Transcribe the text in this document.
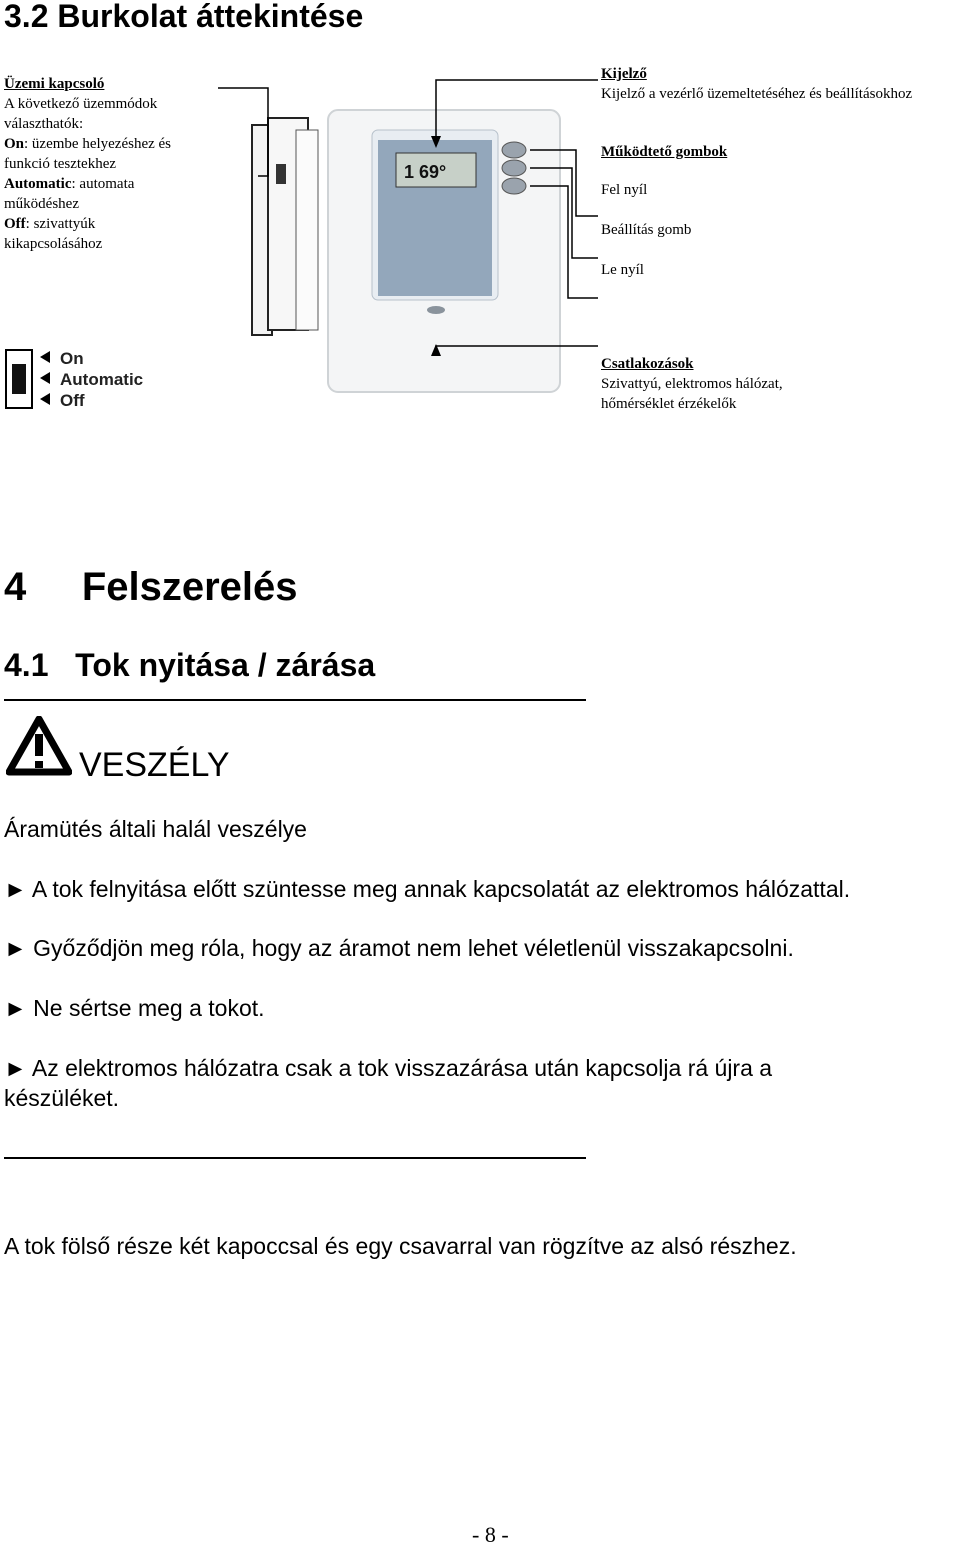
3.2 Burkolat áttekintése
Üzemi kapcsoló
A következő üzemmódok
választhatók:
On: üzembe helyezéshez és
funkció tesztekhez
Automatic: automata
működéshez
Off: szivattyúk
kikapcsolásához
1 69°
On
Automatic
Off
Kijelző
Kijelző a vezérlő üzemeltetéséhez és beállításokhoz
Működtető gombok
Fel nyíl
Beállítás gomb
Le nyíl
Csatlakozások
Szivattyú, elektromos hálózat,
hőmérséklet érzékelők
4     Felszerelés
4.1   Tok nyitása / zárása
VESZÉLY
Áramütés általi halál veszélye
► A tok felnyitása előtt szüntesse meg annak kapcsolatát az elektromos hálózattal.
► Győződjön meg róla, hogy az áramot nem lehet véletlenül visszakapcsolni.
► Ne sértse meg a tokot.
► Az elektromos hálózatra csak a tok visszazárása után kapcsolja rá újra a
készüléket.
A tok fölső része két kapoccsal és egy csavarral van rögzítve az alsó részhez.
- 8 -
